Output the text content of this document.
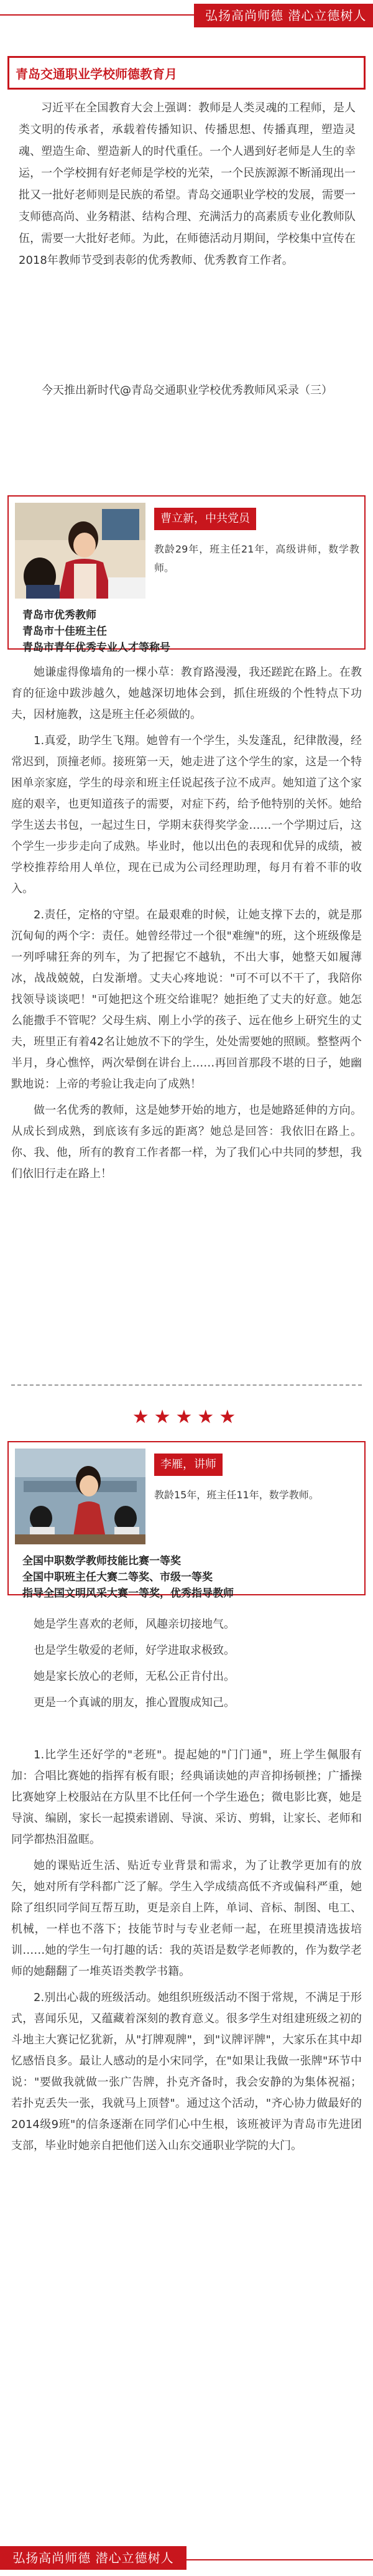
弘扬高尚师德 潜心立德树人
青岛交通职业学校师德教育月
习近平在全国教育大会上强调：教师是人类灵魂的工程师，是人类文明的传承者，承载着传播知识、传播思想、传播真理，塑造灵魂、塑造生命、塑造新人的时代重任。一个人遇到好老师是人生的幸运，一个学校拥有好老师是学校的光荣，一个民族源源不断涌现出一批又一批好老师则是民族的希望。青岛交通职业学校的发展，需要一支师德高尚、业务精湛、结构合理、充满活力的高素质专业化教师队伍，需要一大批好老师。为此，在师德活动月期间，学校集中宣传在2018年教师节受到表彰的优秀教师、优秀教育工作者。
今天推出新时代@青岛交通职业学校优秀教师风采录（三）
曹立新，中共党员
教龄29年，班主任21年，高级讲师，数学教师。

青岛市优秀教师

青岛市十佳班主任

青岛市青年优秀专业人才等称号

她谦虚得像墙角的一棵小草：教育路漫漫，我还蹉跎在路上。在教育的征途中跋涉越久，她越深切地体会到，抓住班级的个性特点下功夫，因材施教，这是班主任必须做的。

1.真爱，助学生飞翔。她曾有一个学生，头发蓬乱，纪律散漫，经常迟到，顶撞老师。接班第一天，她走进了这个学生的家，这是一个特困单亲家庭，学生的母亲和班主任说起孩子泣不成声。她知道了这个家庭的艰辛，也更知道孩子的需要，对症下药，给予他特别的关怀。她给学生送去书包，一起过生日，学期末获得奖学金……一个学期过后，这个学生一步步走向了成熟。毕业时，他以出色的表现和优异的成绩，被学校推荐给用人单位，现在已成为公司经理助理，每月有着不菲的收入。

2.责任，定格的守望。在最艰难的时候，让她支撑下去的，就是那沉甸甸的两个字：责任。她曾经带过一个很"难缠"的班，这个班级像是一列呼啸狂奔的列车，为了把握它不越轨，不出大事，她整天如履薄冰，战战兢兢，白发渐增。丈夫心疼地说："可不可以不干了，我陪你找领导谈谈吧！"可她把这个班交给谁呢？她拒绝了丈夫的好意。她怎么能撒手不管呢？父母生病、刚上小学的孩子、远在他乡上研究生的丈夫，班里正有着42名让她放不下的学生，处处需要她的照顾。整整两个半月，身心憔悴，两次晕倒在讲台上……再回首那段不堪的日子，她幽默地说：上帝的考验让我走向了成熟！

做一名优秀的教师，这是她梦开始的地方，也是她路延伸的方向。从成长到成熟，到底该有多远的距离？她总是回答：我依旧在路上。你、我、他，所有的教育工作者都一样，为了我们心中共同的梦想，我们依旧行走在路上！

★★★★★
李雁，讲师
教龄15年，班主任11年，数学教师。

全国中职数学教师技能比赛一等奖

全国中职班主任大赛二等奖、市级一等奖

指导全国文明风采大赛一等奖，优秀指导教师

她是学生喜欢的老师，风趣亲切接地气。

也是学生敬爱的老师，好学进取求极致。

她是家长放心的老师，无私公正肯付出。

更是一个真诚的朋友，推心置腹成知己。

1.比学生还好学的"老班"。提起她的"门门通"，班上学生佩服有加：合唱比赛她的指挥有板有眼；经典诵读她的声音抑扬顿挫；广播操比赛她穿上校服站在方队里不比任何一个学生逊色；微电影比赛，她是导演、编剧，家长一起摸索谱剧、导演、采访、剪辑，让家长、老师和同学都热泪盈眶。

她的课贴近生活、贴近专业背景和需求，为了让教学更加有的放矢，她对所有学科都广泛了解。学生入学成绩高低不齐或偏科严重，她除了组织同学间互帮互助，更是亲自上阵，单词、音标、制图、电工、机械，一样也不落下；技能节时与专业老师一起，在班里摸清选拔培训……她的学生一句打趣的话：我的英语是数学老师教的，作为数学老师的她翻翻了一堆英语类教学书籍。

2.别出心裁的班级活动。她组织班级活动不图于常规，不满足于形式，喜闻乐见，又蕴藏着深刻的教育意义。很多学生对组建班级之初的斗地主大赛记忆犹新，从"打牌观牌"，到"议牌评牌"，大家乐在其中却忆感悟良多。最让人感动的是小宋同学，在"如果让我做一张牌"环节中说："要做我就做一张广告牌，扑克齐备时，我会安静的为集体祝福；若扑克丢失一张，我就马上顶替"。通过这个活动，"齐心协力做最好的2014级9班"的信条逐渐在同学们心中生根，该班被评为青岛市先进团支部，毕业时她亲自把他们送入山东交通职业学院的大门。

弘扬高尚师德 潜心立德树人
